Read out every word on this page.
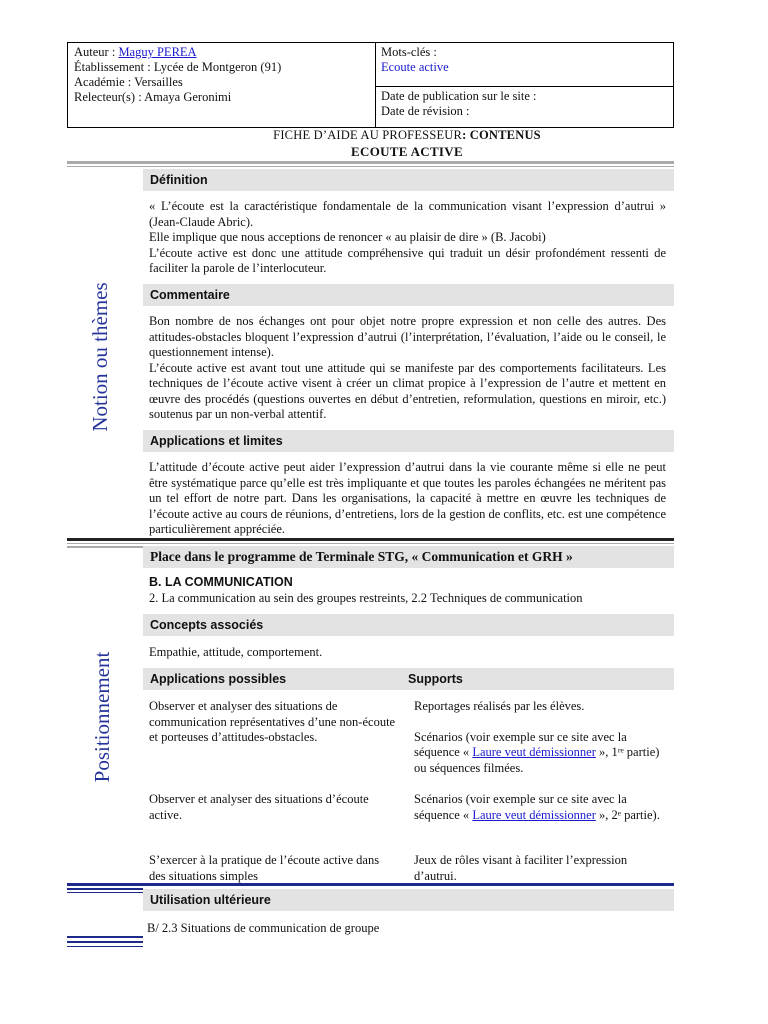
Auteur : Maguy PEREA
Établissement : Lycée de Montgeron (91)
Académie : Versailles
Relecteur(s) : Amaya Geronimi
Mots-clés :
Ecoute active
Date de publication sur le site :
Date de révision :
FICHE D’AIDE AU PROFESSEUR: CONTENUS
ECOUTE ACTIVE
Notion ou thèmes
Définition
« L’écoute est la caractéristique fondamentale de la communication visant l’expression d’autrui » (Jean-Claude Abric).
Elle implique que nous acceptions de renoncer « au plaisir de dire » (B. Jacobi)
L’écoute active est donc une attitude compréhensive qui traduit un désir profondément ressenti de faciliter la parole de l’interlocuteur.
Commentaire
Bon nombre de nos échanges ont pour objet notre propre expression et non celle des autres. Des attitudes-obstacles bloquent l’expression d’autrui (l’interprétation, l’évaluation, l’aide ou le conseil, le questionnement intense).
L’écoute active est avant tout une attitude qui se manifeste par des comportements facilitateurs. Les techniques de l’écoute active visent à créer un climat propice à l’expression de l’autre et mettent en œuvre des procédés (questions ouvertes en début d’entretien, reformulation, questions en miroir, etc.) soutenus par un non-verbal attentif.
Applications et limites
L’attitude d’écoute active peut aider l’expression d’autrui dans la vie courante même si elle ne peut être systématique parce qu’elle est très impliquante et que toutes les paroles échangées ne méritent pas un tel effort de notre part. Dans les organisations, la capacité à mettre en œuvre les techniques de l’écoute active au cours de réunions, d’entretiens, lors de la gestion de conflits, etc. est une compétence particulièrement appréciée.
Positionnement
Place dans le programme de Terminale STG, « Communication et GRH »
B. LA COMMUNICATION
2. La communication au sein des groupes restreints, 2.2 Techniques de communication
Concepts associés
Empathie, attitude, comportement.
Applications possibles	Supports
Observer et analyser des situations de communication représentatives d’une non-écoute et porteuses d’attitudes-obstacles.
Reportages réalisés par les élèves.
Scénarios (voir exemple sur ce site avec la séquence « Laure veut démissionner », 1ʳᵉ partie) ou séquences filmées.
Observer et analyser des situations d’écoute active.
Scénarios (voir exemple sur ce site avec la séquence « Laure veut démissionner », 2ᵉ partie).
S’exercer à la pratique de l’écoute active dans des situations simples
Jeux de rôles visant à faciliter l’expression d’autrui.
Utilisation ultérieure
B/ 2.3 Situations de communication de groupe
